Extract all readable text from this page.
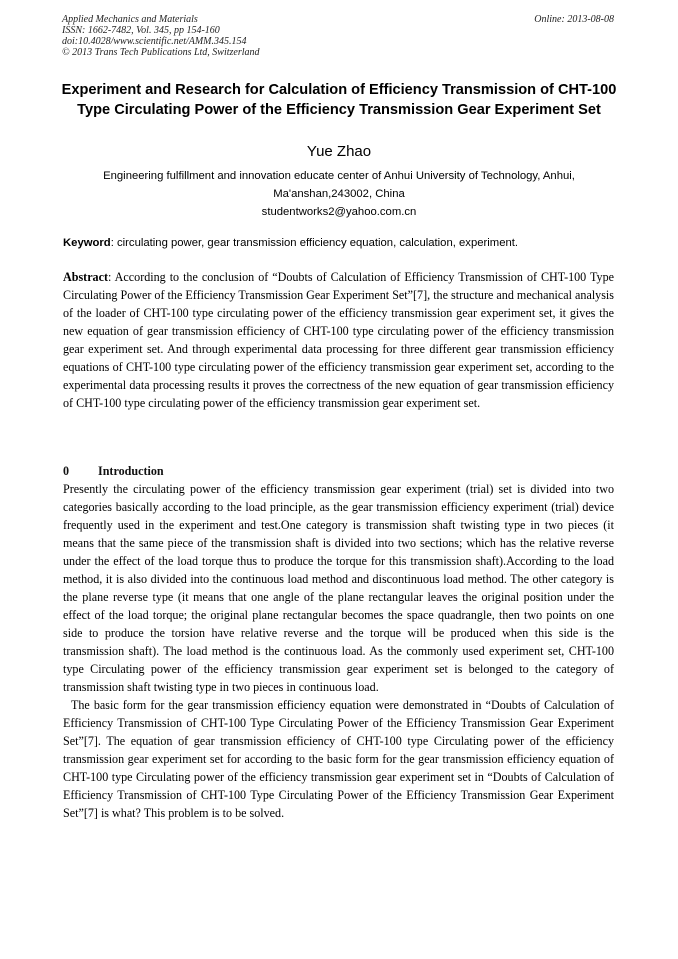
Applied Mechanics and Materials
ISSN: 1662-7482, Vol. 345, pp 154-160
doi:10.4028/www.scientific.net/AMM.345.154
© 2013 Trans Tech Publications Ltd, Switzerland
Online: 2013-08-08
Experiment and Research for Calculation of Efficiency Transmission of CHT-100 Type Circulating Power of the Efficiency Transmission Gear Experiment Set
Yue Zhao
Engineering fulfillment and innovation educate center of Anhui University of Technology, Anhui,
Ma'anshan,243002, China
studentworks2@yahoo.com.cn
Keyword: circulating power, gear transmission efficiency equation, calculation, experiment.
Abstract: According to the conclusion of “Doubts of Calculation of Efficiency Transmission of CHT-100 Type Circulating Power of the Efficiency Transmission Gear Experiment Set”[7], the structure and mechanical analysis of the loader of CHT-100 type circulating power of the efficiency transmission gear experiment set, it gives the new equation of gear transmission efficiency of CHT-100 type circulating power of the efficiency transmission gear experiment set. And through experimental data processing for three different gear transmission efficiency equations of CHT-100 type circulating power of the efficiency transmission gear experiment set, according to the experimental data processing results it proves the correctness of the new equation of gear transmission efficiency of CHT-100 type circulating power of the efficiency transmission gear experiment set.
0 Introduction

Presently the circulating power of the efficiency transmission gear experiment (trial) set is divided into two categories basically according to the load principle, as the gear transmission efficiency experiment (trial) device frequently used in the experiment and test.One category is transmission shaft twisting type in two pieces (it means that the same piece of the transmission shaft is divided into two sections; which has the relative reverse under the effect of the load torque thus to produce the torque for this transmission shaft).According to the load method, it is also divided into the continuous load method and discontinuous load method. The other category is the plane reverse type (it means that one angle of the plane rectangular leaves the original position under the effect of the load torque; the original plane rectangular becomes the space quadrangle, then two points on one side to produce the torsion have relative reverse and the torque will be produced when this side is the transmission shaft). The load method is the continuous load. As the commonly used experiment set, CHT-100 type Circulating power of the efficiency transmission gear experiment set is belonged to the category of transmission shaft twisting type in two pieces in continuous load.

The basic form for the gear transmission efficiency equation were demonstrated in “Doubts of Calculation of Efficiency Transmission of CHT-100 Type Circulating Power of the Efficiency Transmission Gear Experiment Set”[7]. The equation of gear transmission efficiency of CHT-100 type Circulating power of the efficiency transmission gear experiment set for according to the basic form for the gear transmission efficiency equation of CHT-100 type Circulating power of the efficiency transmission gear experiment set in “Doubts of Calculation of Efficiency Transmission of CHT-100 Type Circulating Power of the Efficiency Transmission Gear Experiment Set”[7] is what? This problem is to be solved.
